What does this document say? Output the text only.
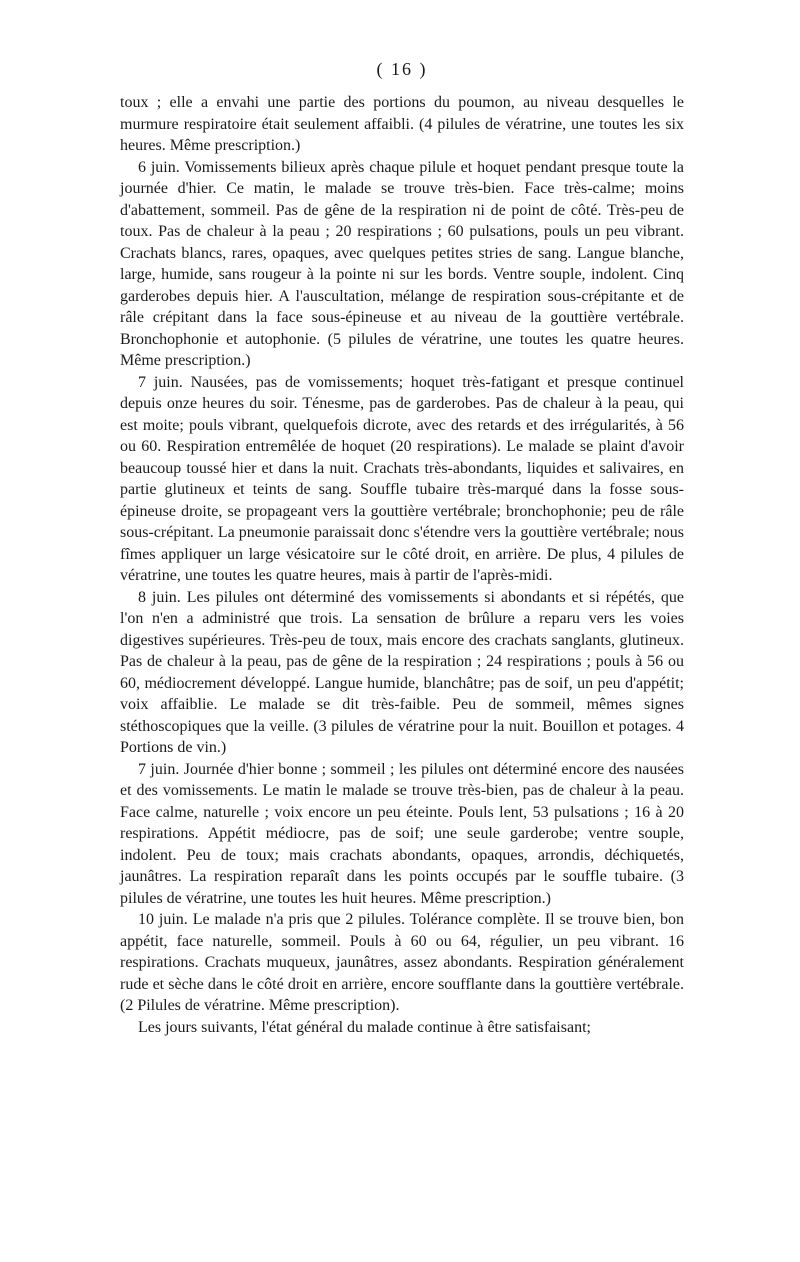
( 16 )

toux ; elle a envahi une partie des portions du poumon, au niveau desquelles le murmure respiratoire était seulement affaibli. (4 pilules de vératrine, une toutes les six heures. Même prescription.)

6 juin. Vomissements bilieux après chaque pilule et hoquet pendant presque toute la journée d'hier. Ce matin, le malade se trouve très-bien. Face très-calme; moins d'abattement, sommeil. Pas de gêne de la respiration ni de point de côté. Très-peu de toux. Pas de chaleur à la peau ; 20 respirations ; 60 pulsations, pouls un peu vibrant. Crachats blancs, rares, opaques, avec quelques petites stries de sang. Langue blanche, large, humide, sans rougeur à la pointe ni sur les bords. Ventre souple, indolent. Cinq garderobes depuis hier. A l'auscultation, mélange de respiration sous-crépitante et de râle crépitant dans la face sous-épineuse et au niveau de la gouttière vertébrale. Bronchophonie et autophonie. (5 pilules de vératrine, une toutes les quatre heures. Même prescription.)

7 juin. Nausées, pas de vomissements; hoquet très-fatigant et presque continuel depuis onze heures du soir. Ténesme, pas de garderobes. Pas de chaleur à la peau, qui est moite; pouls vibrant, quelquefois dicrote, avec des retards et des irrégularités, à 56 ou 60. Respiration entremêlée de hoquet (20 respirations). Le malade se plaint d'avoir beaucoup toussé hier et dans la nuit. Crachats très-abondants, liquides et salivaires, en partie glutineux et teints de sang. Souffle tubaire très-marqué dans la fosse sous-épineuse droite, se propageant vers la gouttière vertébrale; bronchophonie; peu de râle sous-crépitant. La pneumonie paraissait donc s'étendre vers la gouttière vertébrale; nous fîmes appliquer un large vésicatoire sur le côté droit, en arrière. De plus, 4 pilules de vératrine, une toutes les quatre heures, mais à partir de l'après-midi.

8 juin. Les pilules ont déterminé des vomissements si abondants et si répétés, que l'on n'en a administré que trois. La sensation de brûlure a reparu vers les voies digestives supérieures. Très-peu de toux, mais encore des crachats sanglants, glutineux. Pas de chaleur à la peau, pas de gêne de la respiration ; 24 respirations ; pouls à 56 ou 60, médiocrement développé. Langue humide, blanchâtre; pas de soif, un peu d'appétit; voix affaiblie. Le malade se dit très-faible. Peu de sommeil, mêmes signes stéthoscopiques que la veille. (3 pilules de vératrine pour la nuit. Bouillon et potages. 4 Portions de vin.)

7 juin. Journée d'hier bonne ; sommeil ; les pilules ont déterminé encore des nausées et des vomissements. Le matin le malade se trouve très-bien, pas de chaleur à la peau. Face calme, naturelle ; voix encore un peu éteinte. Pouls lent, 53 pulsations ; 16 à 20 respirations. Appétit médiocre, pas de soif; une seule garderobe; ventre souple, indolent. Peu de toux; mais crachats abondants, opaques, arrondis, déchiquetés, jaunâtres. La respiration reparaît dans les points occupés par le souffle tubaire. (3 pilules de vératrine, une toutes les huit heures. Même prescription.)

10 juin. Le malade n'a pris que 2 pilules. Tolérance complète. Il se trouve bien, bon appétit, face naturelle, sommeil. Pouls à 60 ou 64, régulier, un peu vibrant. 16 respirations. Crachats muqueux, jaunâtres, assez abondants. Respiration généralement rude et sèche dans le côté droit en arrière, encore soufflante dans la gouttière vertébrale. (2 Pilules de vératrine. Même prescription).

Les jours suivants, l'état général du malade continue à être satisfaisant;
